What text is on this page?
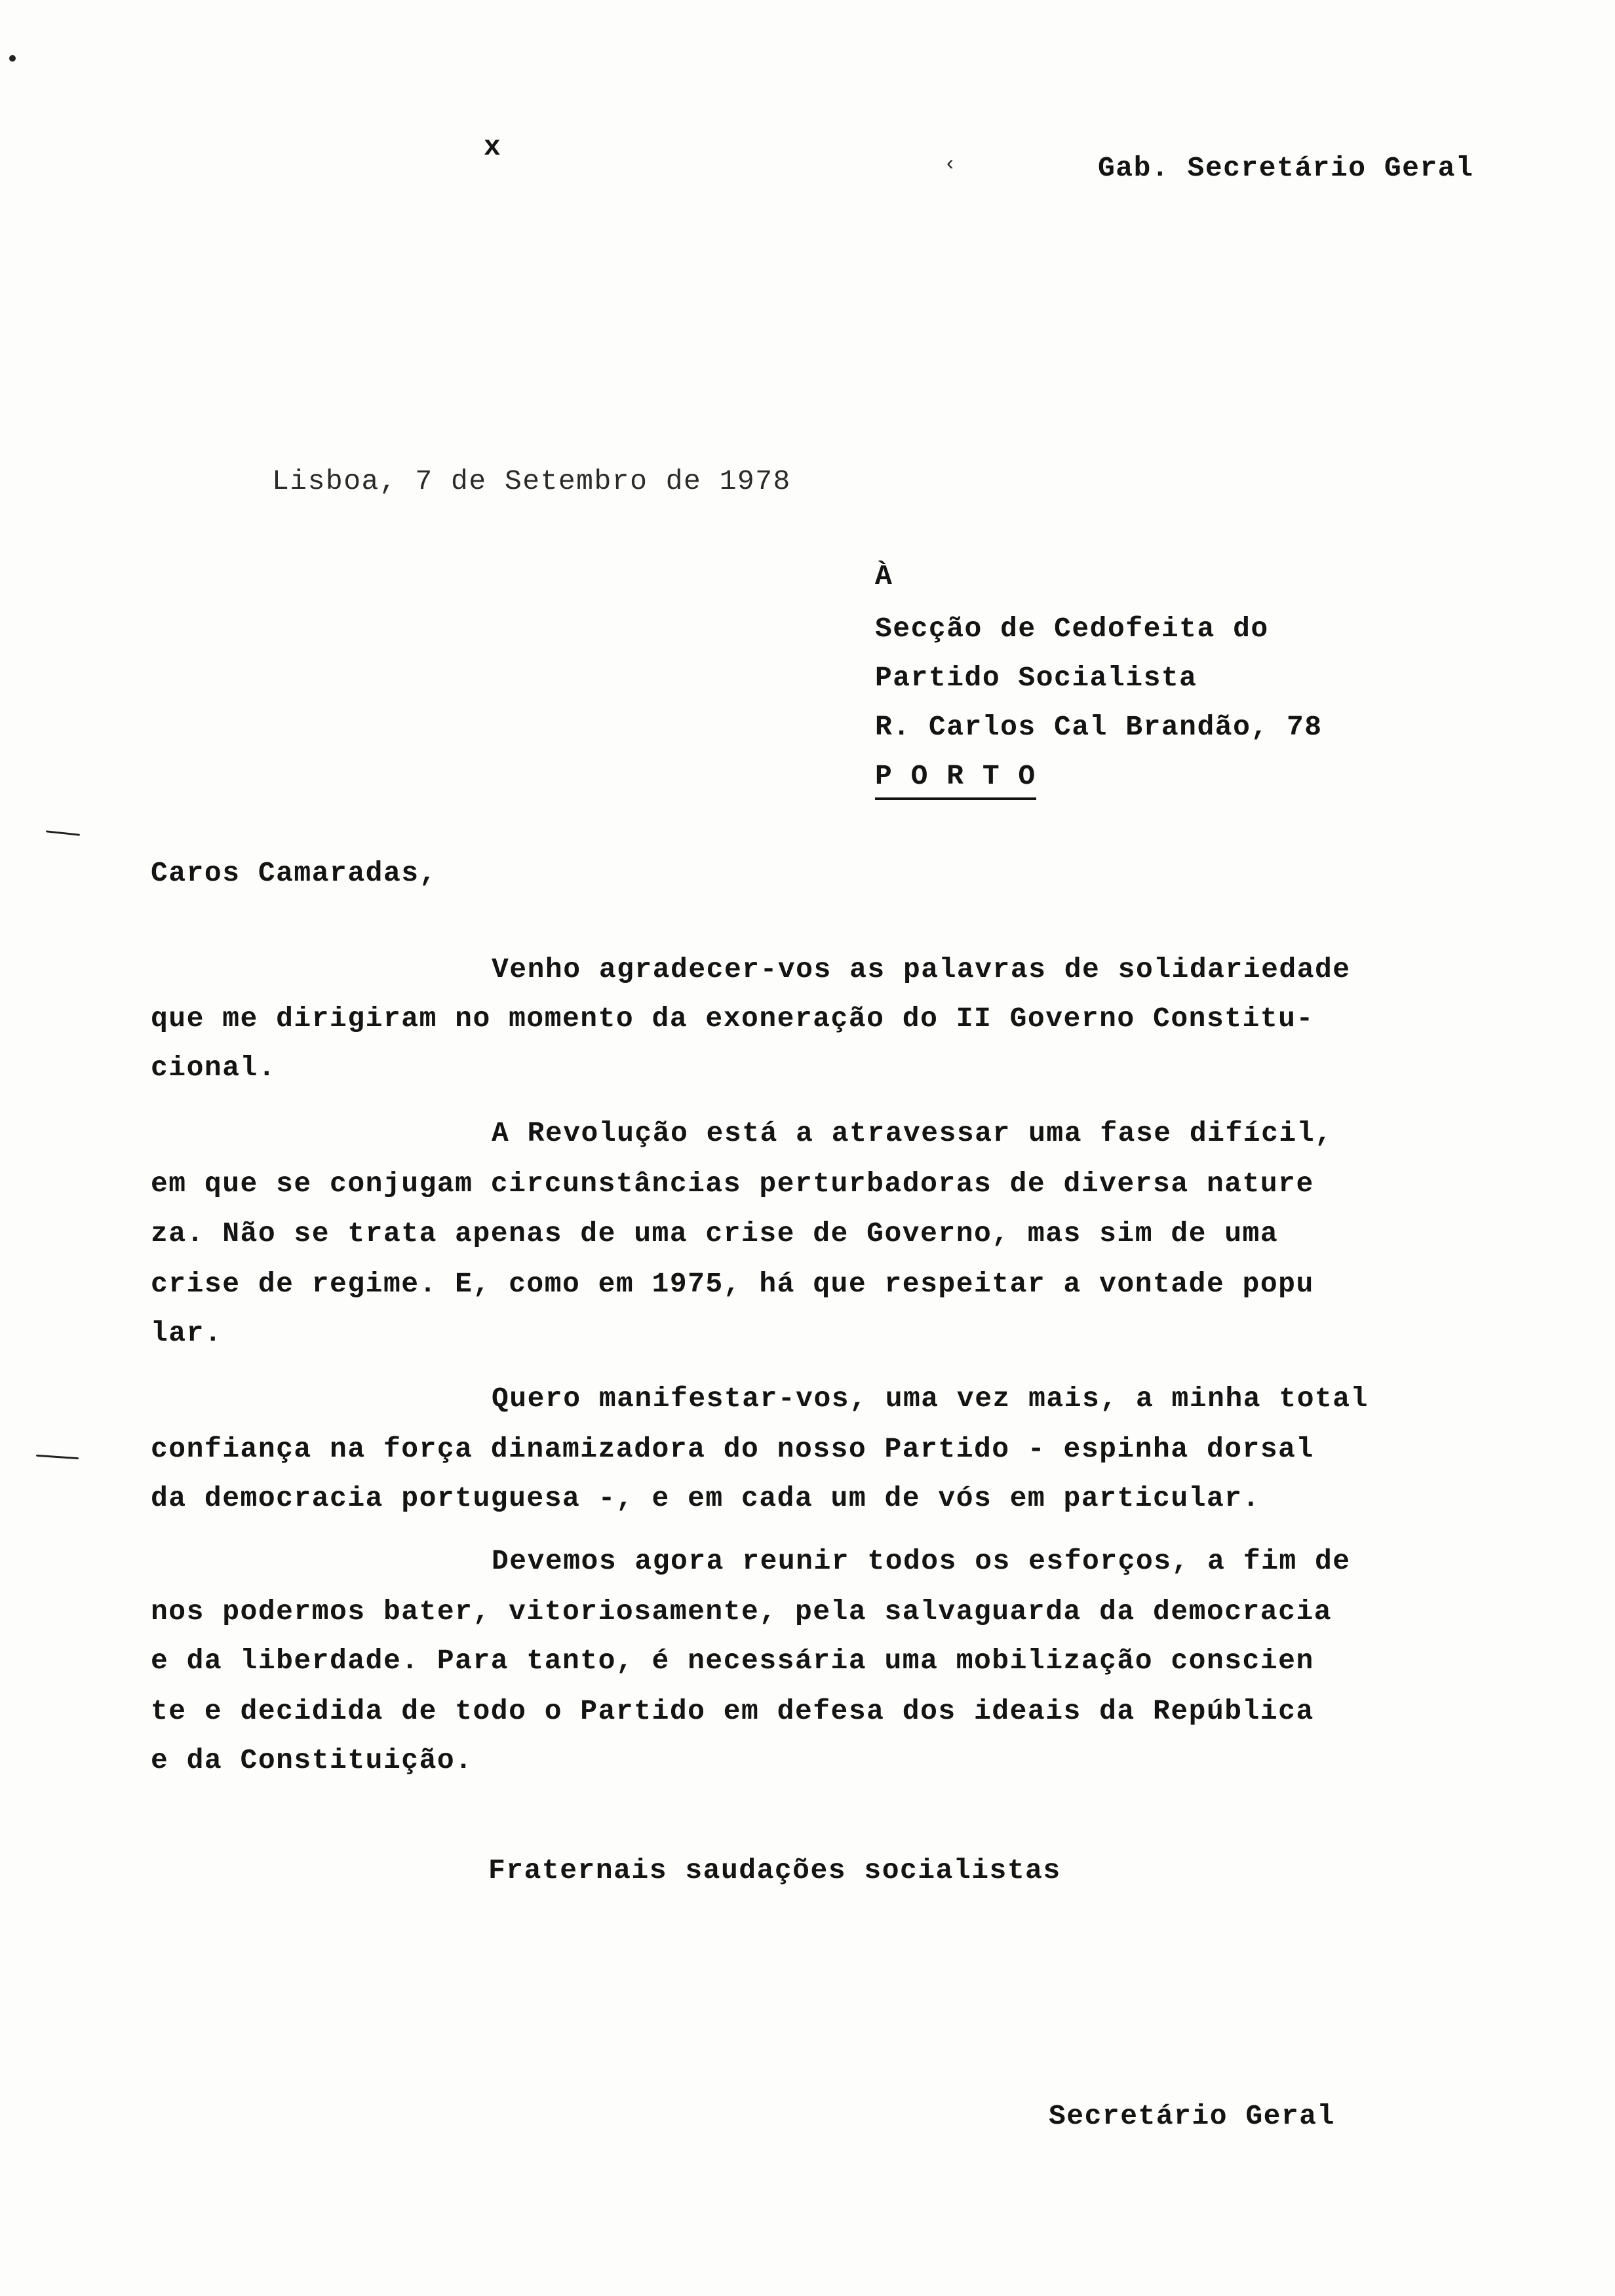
‹
x
Gab. Secretário Geral
Lisboa, 7 de Setembro de 1978
À
Secção de Cedofeita do
Partido Socialista
R. Carlos Cal Brandão, 78
P O R T O
Caros Camaradas,
Venho agradecer-vos as palavras de solidariedade
que me dirigiram no momento da exoneração do II Governo Constitu-
cional.
A Revolução está a atravessar uma fase difícil,
em que se conjugam circunstâncias perturbadoras de diversa nature
za. Não se trata apenas de uma crise de Governo, mas sim de uma
crise de regime. E, como em 1975, há que respeitar a vontade popu
lar.
Quero manifestar-vos, uma vez mais, a minha total
confiança na força dinamizadora do nosso Partido - espinha dorsal
da democracia portuguesa -, e em cada um de vós em particular.
Devemos agora reunir todos os esforços, a fim de
nos podermos bater, vitoriosamente, pela salvaguarda da democracia
e da liberdade. Para tanto, é necessária uma mobilização conscien
te e decidida de todo o Partido em defesa dos ideais da República
e da Constituição.
Fraternais saudações socialistas
Secretário Geral
